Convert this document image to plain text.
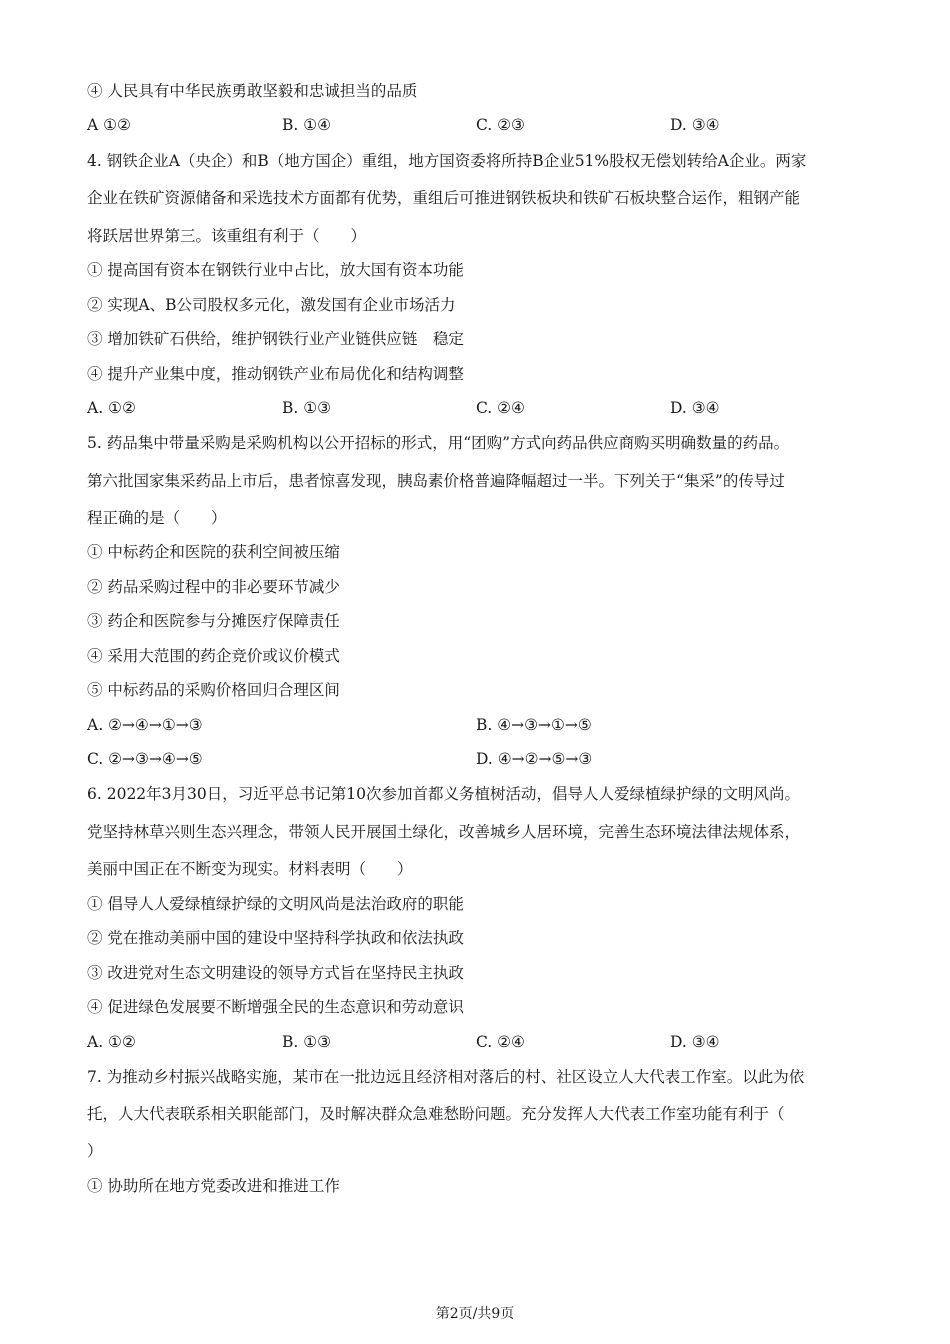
④ 人民具有中华民族勇敢坚毅和忠诚担当的品质
A ①②	B. ①④	C. ②③	D. ③④
4. 钢铁企业A（央企）和B（地方国企）重组，地方国资委将所持B企业51%股权无偿划转给A企业。两家
企业在铁矿资源储备和采选技术方面都有优势，重组后可推进钢铁板块和铁矿石板块整合运作，粗钢产能
将跃居世界第三。该重组有利于（　　）
① 提高国有资本在钢铁行业中占比，放大国有资本功能
② 实现A、B公司股权多元化，激发国有企业市场活力
③ 增加铁矿石供给，维护钢铁行业产业链供应链　稳定
④ 提升产业集中度，推动钢铁产业布局优化和结构调整
A. ①②	B. ①③	C. ②④	D. ③④
5. 药品集中带量采购是采购机构以公开招标的形式，用“团购”方式向药品供应商购买明确数量的药品。
第六批国家集采药品上市后，患者惊喜发现，胰岛素价格普遍降幅超过一半。下列关于“集采”的传导过
程正确的是（　　）
① 中标药企和医院的获利空间被压缩
② 药品采购过程中的非必要环节减少
③ 药企和医院参与分摊医疗保障责任
④ 采用大范围的药企竞价或议价模式
⑤ 中标药品的采购价格回归合理区间
A. ②→④→①→③	B. ④→③→①→⑤
C. ②→③→④→⑤	D. ④→②→⑤→③
6. 2022年3月30日，习近平总书记第10次参加首都义务植树活动，倡导人人爱绿植绿护绿的文明风尚。
党坚持林草兴则生态兴理念，带领人民开展国土绿化，改善城乡人居环境，完善生态环境法律法规体系，
美丽中国正在不断变为现实。材料表明（　　）
① 倡导人人爱绿植绿护绿的文明风尚是法治政府的职能
② 党在推动美丽中国的建设中坚持科学执政和依法执政
③ 改进党对生态文明建设的领导方式旨在坚持民主执政
④ 促进绿色发展要不断增强全民的生态意识和劳动意识
A. ①②	B. ①③	C. ②④	D. ③④
7. 为推动乡村振兴战略实施，某市在一批边远且经济相对落后的村、社区设立人大代表工作室。以此为依
托，人大代表联系相关职能部门，及时解决群众急难愁盼问题。充分发挥人大代表工作室功能有利于（
）
① 协助所在地方党委改进和推进工作
第2页/共9页
